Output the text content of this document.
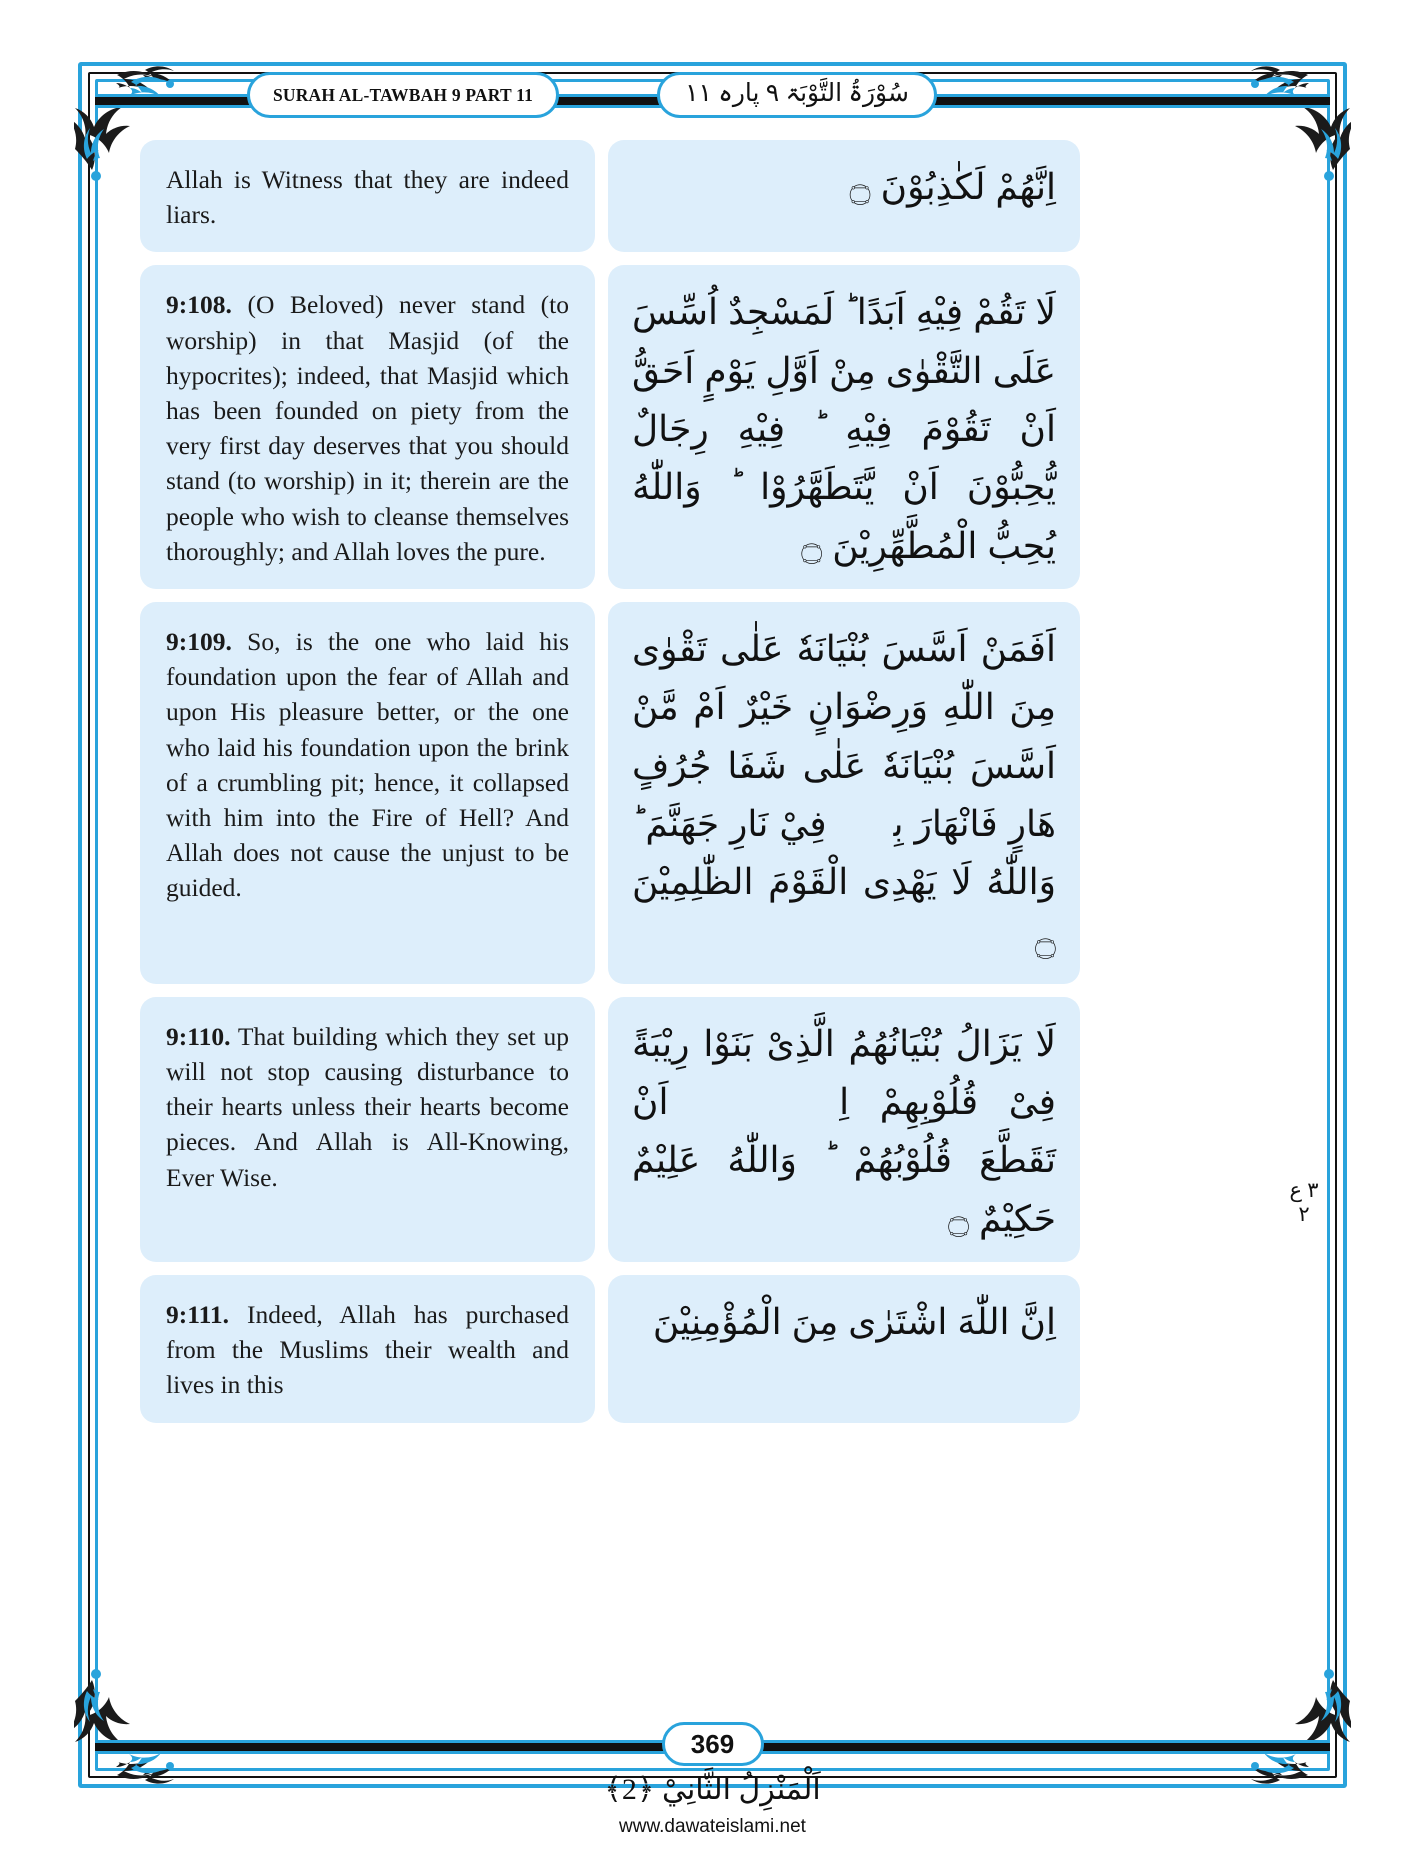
SURAH AL-TAWBAH 9 PART 11	سُوْرَۃُ التَّوْبَۃ ۹ پارہ ۱۱
Allah is Witness that they are indeed liars.
اِنَّهُمْ لَكٰذِبُوْنَ ۝
9:108. (O Beloved) never stand (to worship) in that Masjid (of the hypocrites); indeed, that Masjid which has been founded on piety from the very first day deserves that you should stand (to worship) in it; therein are the people who wish to cleanse themselves thoroughly; and Allah loves the pure.
لَا تَقُمْ فِيْهِ اَبَدًا ؕ لَمَسْجِدٌ اُسِّسَ عَلَى التَّقْوٰى مِنْ اَوَّلِ يَوْمٍ اَحَقُّ اَنْ تَقُوْمَ فِيْهِ ؕ فِيْهِ رِجَالٌ يُّحِبُّوْنَ اَنْ يَّتَطَهَّرُوْا ؕ وَاللّٰهُ يُحِبُّ الْمُطَّهِّرِيْنَ ۝
9:109. So, is the one who laid his foundation upon the fear of Allah and upon His pleasure better, or the one who laid his foundation upon the brink of a crumbling pit; hence, it collapsed with him into the Fire of Hell? And Allah does not cause the unjust to be guided.
اَفَمَنْ اَسَّسَ بُنْيَانَهٗ عَلٰى تَقْوٰى مِنَ اللّٰهِ وَرِضْوَانٍ خَيْرٌ اَمْ مَّنْ اَسَّسَ بُنْيَانَهٗ عَلٰى شَفَا جُرُفٍ هَارٍ فَانْهَارَ بِهٖ فِيْ نَارِ جَهَنَّمَ ؕ وَاللّٰهُ لَا يَهْدِى الْقَوْمَ الظّٰلِمِيْنَ ۝
9:110. That building which they set up will not stop causing disturbance to their hearts unless their hearts become pieces. And Allah is All-Knowing, Ever Wise.
لَا يَزَالُ بُنْيَانُهُمُ الَّذِىْ بَنَوْا رِيْبَةً فِىْ قُلُوْبِهِمْ اِلَّاۤ اَنْ تَقَطَّعَ قُلُوْبُهُمْ ؕ وَاللّٰهُ عَلِيْمٌ حَكِيْمٌ ۝
9:111. Indeed, Allah has purchased from the Muslims their wealth and lives in this
اِنَّ اللّٰهَ اشْتَرٰى مِنَ الْمُؤْمِنِيْنَ
٣ ع ۲
369
اَلْمَنْزِلُ الثَّانِيْ ﴿2﴾
www.dawateislami.net
